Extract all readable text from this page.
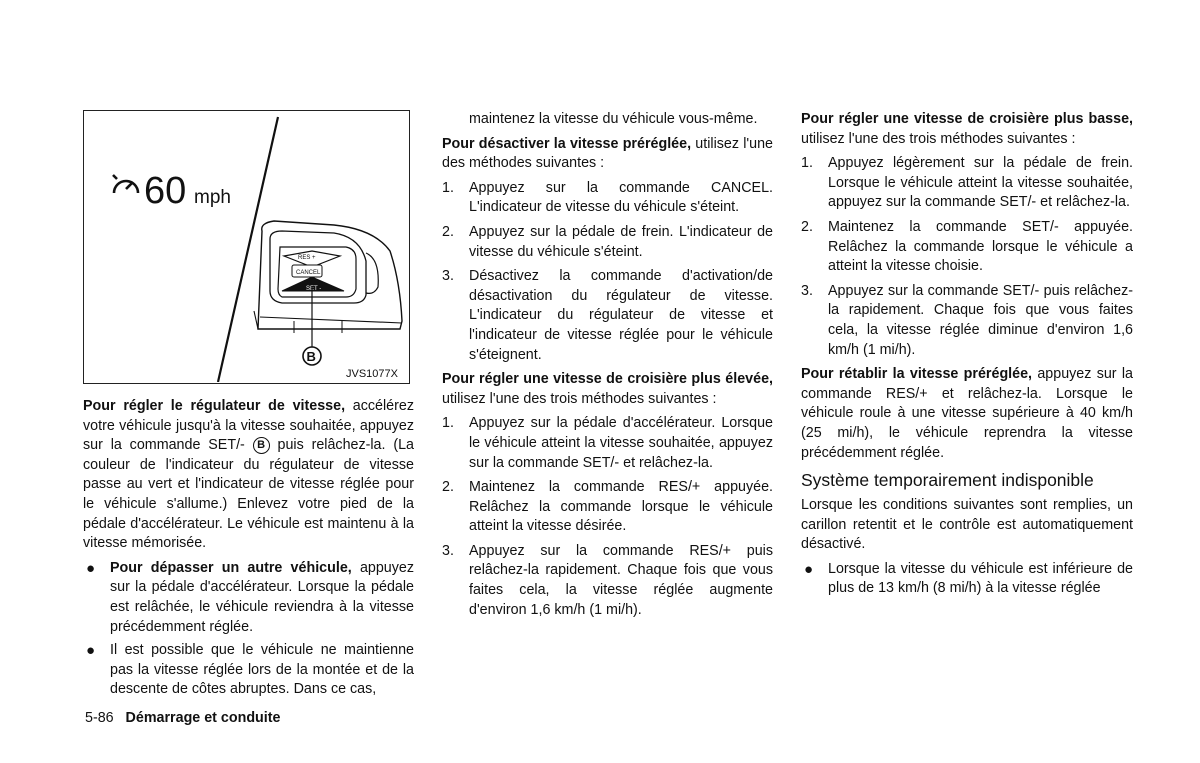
60 mph
RES +
CANCEL
SET -
B
JVS1077X

Pour régler le régulateur de vitesse, accélérez votre véhicule jusqu'à la vitesse souhaitée, appuyez sur la commande SET/- B puis relâchez-la. (La couleur de l'indicateur du régulateur de vitesse passe au vert et l'indicateur de vitesse réglée pour le véhicule s'allume.) Enlevez votre pied de la pédale d'accélérateur. Le véhicule est maintenu à la vitesse mémorisée.

● Pour dépasser un autre véhicule, appuyez sur la pédale d'accélérateur. Lorsque la pédale est relâchée, le véhicule reviendra à la vitesse précédemment réglée.
● Il est possible que le véhicule ne maintienne pas la vitesse réglée lors de la montée et de la descente de côtes abruptes. Dans ce cas,

maintenez la vitesse du véhicule vous-même.

Pour désactiver la vitesse préréglée, utilisez l'une des méthodes suivantes :

1. Appuyez sur la commande CANCEL. L'indicateur de vitesse du véhicule s'éteint.
2. Appuyez sur la pédale de frein. L'indicateur de vitesse du véhicule s'éteint.
3. Désactivez la commande d'activation/de désactivation du régulateur de vitesse. L'indicateur du régulateur de vitesse et l'indicateur de vitesse réglée pour le véhicule s'éteignent.

Pour régler une vitesse de croisière plus élevée, utilisez l'une des trois méthodes suivantes :

1. Appuyez sur la pédale d'accélérateur. Lorsque le véhicule atteint la vitesse souhaitée, appuyez sur la commande SET/- et relâchez-la.
2. Maintenez la commande RES/+ appuyée. Relâchez la commande lorsque le véhicule atteint la vitesse désirée.
3. Appuyez sur la commande RES/+ puis relâchez-la rapidement. Chaque fois que vous faites cela, la vitesse réglée augmente d'environ 1,6 km/h (1 mi/h).

Pour régler une vitesse de croisière plus basse, utilisez l'une des trois méthodes suivantes :

1. Appuyez légèrement sur la pédale de frein. Lorsque le véhicule atteint la vitesse souhaitée, appuyez sur la commande SET/- et relâchez-la.
2. Maintenez la commande SET/- appuyée. Relâchez la commande lorsque le véhicule a atteint la vitesse choisie.
3. Appuyez sur la commande SET/- puis relâchez-la rapidement. Chaque fois que vous faites cela, la vitesse réglée diminue d'environ 1,6 km/h (1 mi/h).

Pour rétablir la vitesse préréglée, appuyez sur la commande RES/+ et relâchez-la. Lorsque le véhicule roule à une vitesse supérieure à 40 km/h (25 mi/h), le véhicule reprendra la vitesse précédemment réglée.

Système temporairement indisponible

Lorsque les conditions suivantes sont remplies, un carillon retentit et le contrôle est automatiquement désactivé.

● Lorsque la vitesse du véhicule est inférieure de plus de 13 km/h (8 mi/h) à la vitesse réglée
5-86 Démarrage et conduite
